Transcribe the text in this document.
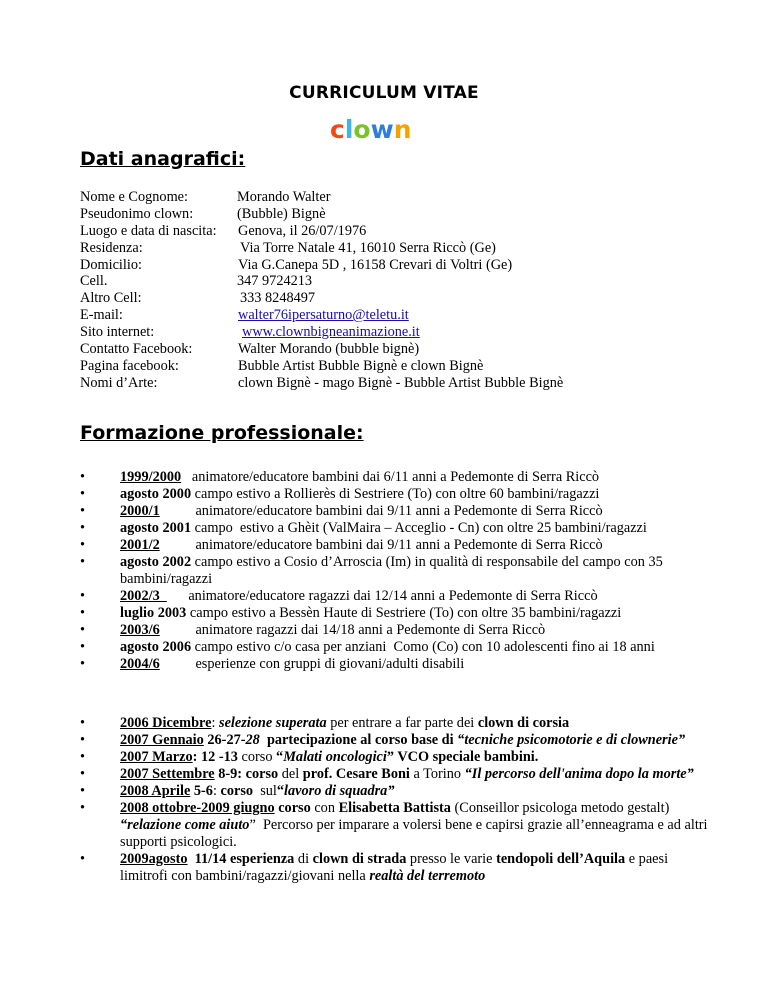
CURRICULUM VITAE
clown
Dati anagrafici:
Nome e Cognome:	Morando Walter
Pseudonimo clown:	(Bubble) Bignè
Luogo e data di nascita: Genova, il 26/07/1976
Residenza:	Via Torre Natale 41, 16010 Serra Riccò (Ge)
Domicilio:	Via G.Canepa 5D , 16158 Crevari di Voltri (Ge)
Cell.	347 9724213
Altro Cell:	333 8248497
E-mail:	walter76ipersaturno@teletu.it
Sito internet:	www.clownbigneanimazione.it
Contatto Facebook:	Walter Morando (bubble bignè)
Pagina facebook:	Bubble Artist Bubble Bignè e clown Bignè
Nomi d’Arte:	clown Bignè - mago Bignè - Bubble Artist Bubble Bignè
Formazione professionale:
• 1999/2000   animatore/educatore bambini dai 6/11 anni a Pedemonte di Serra Riccò
• agosto 2000 campo estivo a Rollierès di Sestriere (To) con oltre 60 bambini/ragazzi
• 2000/1          animatore/educatore bambini dai 9/11 anni a Pedemonte di Serra Riccò
• agosto 2001 campo  estivo a Ghèit (ValMaira – Acceglio - Cn) con oltre 25 bambini/ragazzi
• 2001/2          animatore/educatore bambini dai 9/11 anni a Pedemonte di Serra Riccò
• agosto 2002 campo estivo a Cosio d’Arroscia (Im) in qualità di responsabile del campo con 35 bambini/ragazzi
• 2002/3        animatore/educatore ragazzi dai 12/14 anni a Pedemonte di Serra Riccò
• luglio 2003 campo estivo a Bessèn Haute di Sestriere (To) con oltre 35 bambini/ragazzi
• 2003/6          animatore ragazzi dai 14/18 anni a Pedemonte di Serra Riccò
• agosto 2006 campo estivo c/o casa per anziani  Como (Co) con 10 adolescenti fino ai 18 anni
• 2004/6          esperienze con gruppi di giovani/adulti disabili
• 2006 Dicembre: selezione superata per entrare a far parte dei clown di corsia
• 2007 Gennaio 26-27-28  partecipazione al corso base di “tecniche psicomotorie e di clownerie”
• 2007 Marzo: 12 -13 corso “Malati oncologici” VCO speciale bambini.
• 2007 Settembre 8-9: corso del prof. Cesare Boni a Torino “Il percorso dell'anima dopo la morte”
• 2008 Aprile 5-6: corso  sul“lavoro di squadra”
• 2008 ottobre-2009 giugno corso con Elisabetta Battista (Conseillor psicologa metodo gestalt) “relazione come aiuto”  Percorso per imparare a volersi bene e capirsi grazie all’enneagrama e ad altri supporti psicologici.
• 2009agosto  11/14 esperienza di clown di strada presso le varie tendopoli dell’Aquila e paesi limitrofi con bambini/ragazzi/giovani nella realtà del terremoto
